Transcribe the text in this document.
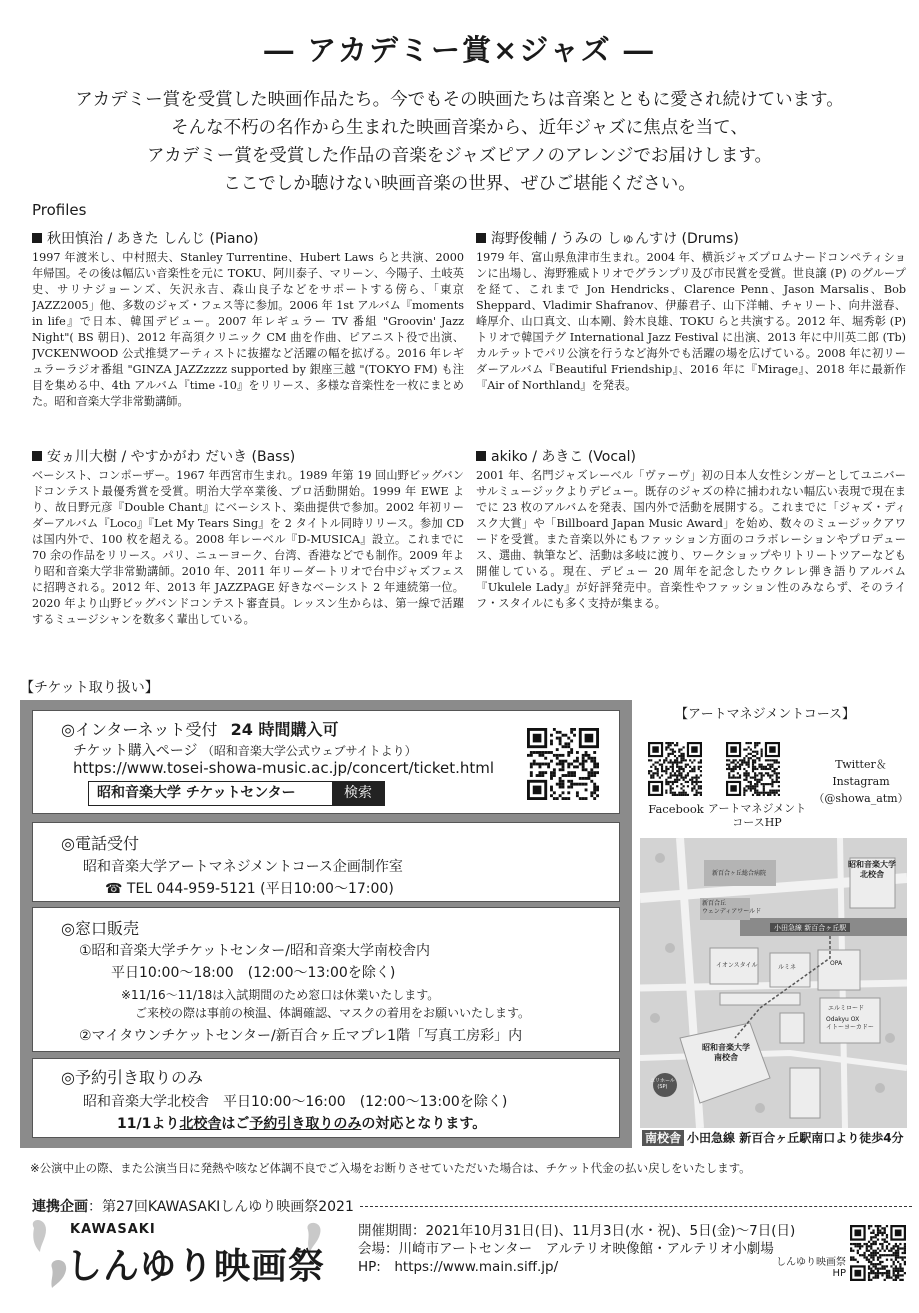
― アカデミー賞×ジャズ ―
アカデミー賞を受賞した映画作品たち。今でもその映画たちは音楽とともに愛され続けています。
そんな不朽の名作から生まれた映画音楽から、近年ジャズに焦点を当て、
アカデミー賞を受賞した作品の音楽をジャズピアノのアレンジでお届けします。
ここでしか聴けない映画音楽の世界、ぜひご堪能ください。
Profiles
秋田慎治 / あきた しんじ (Piano)
1997 年渡米し、中村照夫、Stanley Turrentine、Hubert Laws らと共演、2000 年帰国。その後は幅広い音楽性を元に TOKU、阿川泰子、マリーン、今陽子、土岐英史、サリナジョーンズ、矢沢永吉、森山良子などをサポートする傍ら、「東京 JAZZ2005」他、多数のジャズ・フェス等に参加。2006 年 1st アルバム『moments in life』で日本、韓国デビュー。2007 年レギュラー TV 番組 "Groovin' Jazz Night"( BS 朝日)、2012 年高須クリニック CM 曲を作曲、ピアニスト役で出演、JVCKENWOOD 公式推奨アーティストに抜擢など活躍の幅を拡げる。2016 年レギュラーラジオ番組 "GINZA JAZZzzzz supported by 銀座三越 "(TOKYO FM) も注目を集める中、4th アルバム『time -10』をリリース、多様な音楽性を一枚にまとめた。昭和音楽大学非常勤講師。
海野俊輔 / うみの しゅんすけ (Drums)
1979 年、富山県魚津市生まれ。2004 年、横浜ジャズプロムナードコンペティションに出場し、海野雅威トリオでグランプリ及び市民賞を受賞。世良譲 (P) のグループを経て、これまで Jon Hendricks、Clarence Penn、Jason Marsalis、Bob Sheppard、Vladimir Shafranov、伊藤君子、山下洋輔、チャリート、向井滋春、峰厚介、山口真文、山本剛、鈴木良雄、TOKU らと共演する。2012 年、堀秀彰 (P) トリオで韓国テグ International Jazz Festival に出演、2013 年に中川英二郎 (Tb) カルテットでパリ公演を行うなど海外でも活躍の場を広げている。2008 年に初リーダーアルバム『Beautiful Friendship』、2016 年に『Mirage』、2018 年に最新作『Air of Northland』を発表。
安ヵ川大樹 / やすかがわ だいき (Bass)
ベーシスト、コンポーザー。1967 年西宮市生まれ。1989 年第 19 回山野ビッグバンドコンテスト最優秀賞を受賞。明治大学卒業後、プロ活動開始。1999 年 EWE より、故日野元彦『Double Chant』にベーシスト、楽曲提供で参加。2002 年初リーダーアルバム『Loco』『Let My Tears Sing』を 2 タイトル同時リリース。参加 CD は国内外で、100 枚を超える。2008 年レーベル『D-MUSICA』設立。これまでに 70 余の作品をリリース。パリ、ニューヨーク、台湾、香港などでも制作。2009 年より昭和音楽大学非常勤講師。2010 年、2011 年リーダートリオで台中ジャズフェスに招聘される。2012 年、2013 年 JAZZPAGE 好きなベーシスト 2 年連続第一位。2020 年より山野ビッグバンドコンテスト審査員。レッスン生からは、第一線で活躍するミュージシャンを数多く輩出している。
akiko / あきこ (Vocal)
2001 年、名門ジャズレーベル「ヴァーヴ」初の日本人女性シンガーとしてユニバーサルミュージックよりデビュー。既存のジャズの枠に捕われない幅広い表現で現在までに 23 枚のアルバムを発表、国内外で活動を展開する。これまでに「ジャズ・ディスク大賞」や「Billboard Japan Music Award」を始め、数々のミュージックアワードを受賞。また音楽以外にもファッション方面のコラボレーションやプロデュース、選曲、執筆など、活動は多岐に渡り、ワークショップやリトリートツアーなども開催している。現在、デビュー 20 周年を記念したウクレレ弾き語りアルバム『Ukulele Lady』が好評発売中。音楽性やファッション性のみならず、そのライフ・スタイルにも多く支持が集まる。
【チケット取り扱い】
◎インターネット受付 24 時間購入可
チケット購入ページ （昭和音楽大学公式ウェブサイトより）
https://www.tosei-showa-music.ac.jp/concert/ticket.html
昭和音楽大学 チケットセンター	検索
◎電話受付
昭和音楽大学アートマネジメントコース企画制作室
☎ TEL 044-959-5121 (平日10:00～17:00)
◎窓口販売
①昭和音楽大学チケットセンター/昭和音楽大学南校舎内
平日10:00～18:00　(12:00～13:00を除く)
※11/16～11/18は入試期間のため窓口は休業いたします。
ご来校の際は事前の検温、体調確認、マスクの着用をお願いいたします。
②マイタウンチケットセンター/新百合ヶ丘マプレ1階「写真工房彩」内
◎予約引き取りのみ
昭和音楽大学北校舎　平日10:00～16:00　(12:00～13:00を除く)
11/1より北校舎はご予約引き取りのみの対応となります。
【アートマネジメントコース】
Facebook アートマネジメント
コースHP
Twitter＆Instagram
（@showa_atm）
昭和音楽大学
北校舎
昭和音楽大学
南校舎
小田急線 新百合ヶ丘駅
新百合ヶ丘総合病院
新百合丘
ウェンディアワールド
イオンスタイル	ルミネ
OPA
エルミロード
Odakyu OX
イトーヨーカドー
ユリホール
(SP)
南校舎 小田急線 新百合ヶ丘駅南口より徒歩4分
※公演中止の際、また公演当日に発熱や咳など体調不良でご入場をお断りさせていただいた場合は、チケット代金の払い戻しをいたします。
連携企画 ：第27回KAWASAKIしんゆり映画祭2021
KAWASAKI
しんゆり映画祭
開催期間：2021年10月31日(日)、11月3日(水・祝)、5日(金)～7日(日)
会場：川崎市アートセンター　アルテリオ映像館・アルテリオ小劇場
HP:　https://www.main.siff.jp/	しんゆり映画祭
HP
